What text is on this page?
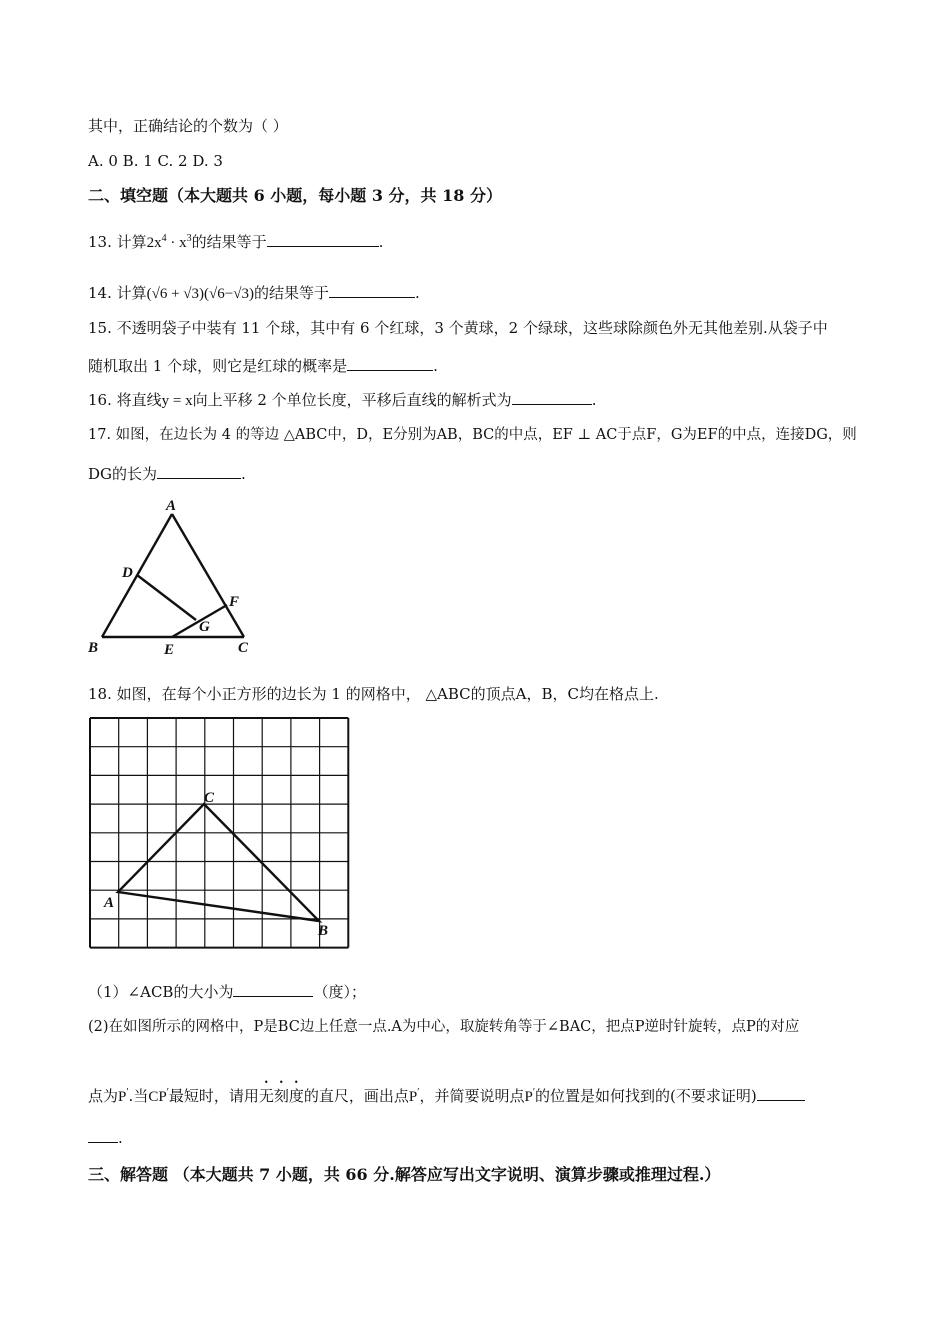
其中，正确结论的个数为（ ）
A. 0 B. 1 C. 2 D. 3
二、填空题（本大题共 6 小题，每小题 3 分，共 18 分）
13. 计算$2x^4 \cdot x^3$的结果等于	.
14. 计算(√6 + √3)(√6−√3)的结果等于	.
15. 不透明袋子中装有 11 个球，其中有 6 个红球，3 个黄球，2 个绿球，这些球除颜色外无其他差别.从袋子中
随机取出 1 个球，则它是红球的概率是	.
16. 将直线y = x向上平移 2 个单位长度，平移后直线的解析式为	.
17. 如图，在边长为 4 的等边 △ABC中，D，E分别为AB，BC的中点，EF ⊥ AC于点F，G为EF的中点，连接DG，则
DG的长为	.
A
B	C
D
E
F
G
18. 如图，在每个小正方形的边长为 1 的网格中， △ABC的顶点A，B，C均在格点上.
A
B
C
（1）∠ACB的大小为	（度）；
(2)在如图所示的网格中，P是BC边上任意一点.A为中心，取旋转角等于∠BAC，把点P逆时针旋转，点P的对应
点为P′.当CP′最短时，请用无刻度的直尺，画出点P′，并简要说明点P′的位置是如何找到的(不要求证明)
.
三、解答题 （本大题共 7 小题，共 66 分.解答应写出文字说明、演算步骤或推理过程.）
